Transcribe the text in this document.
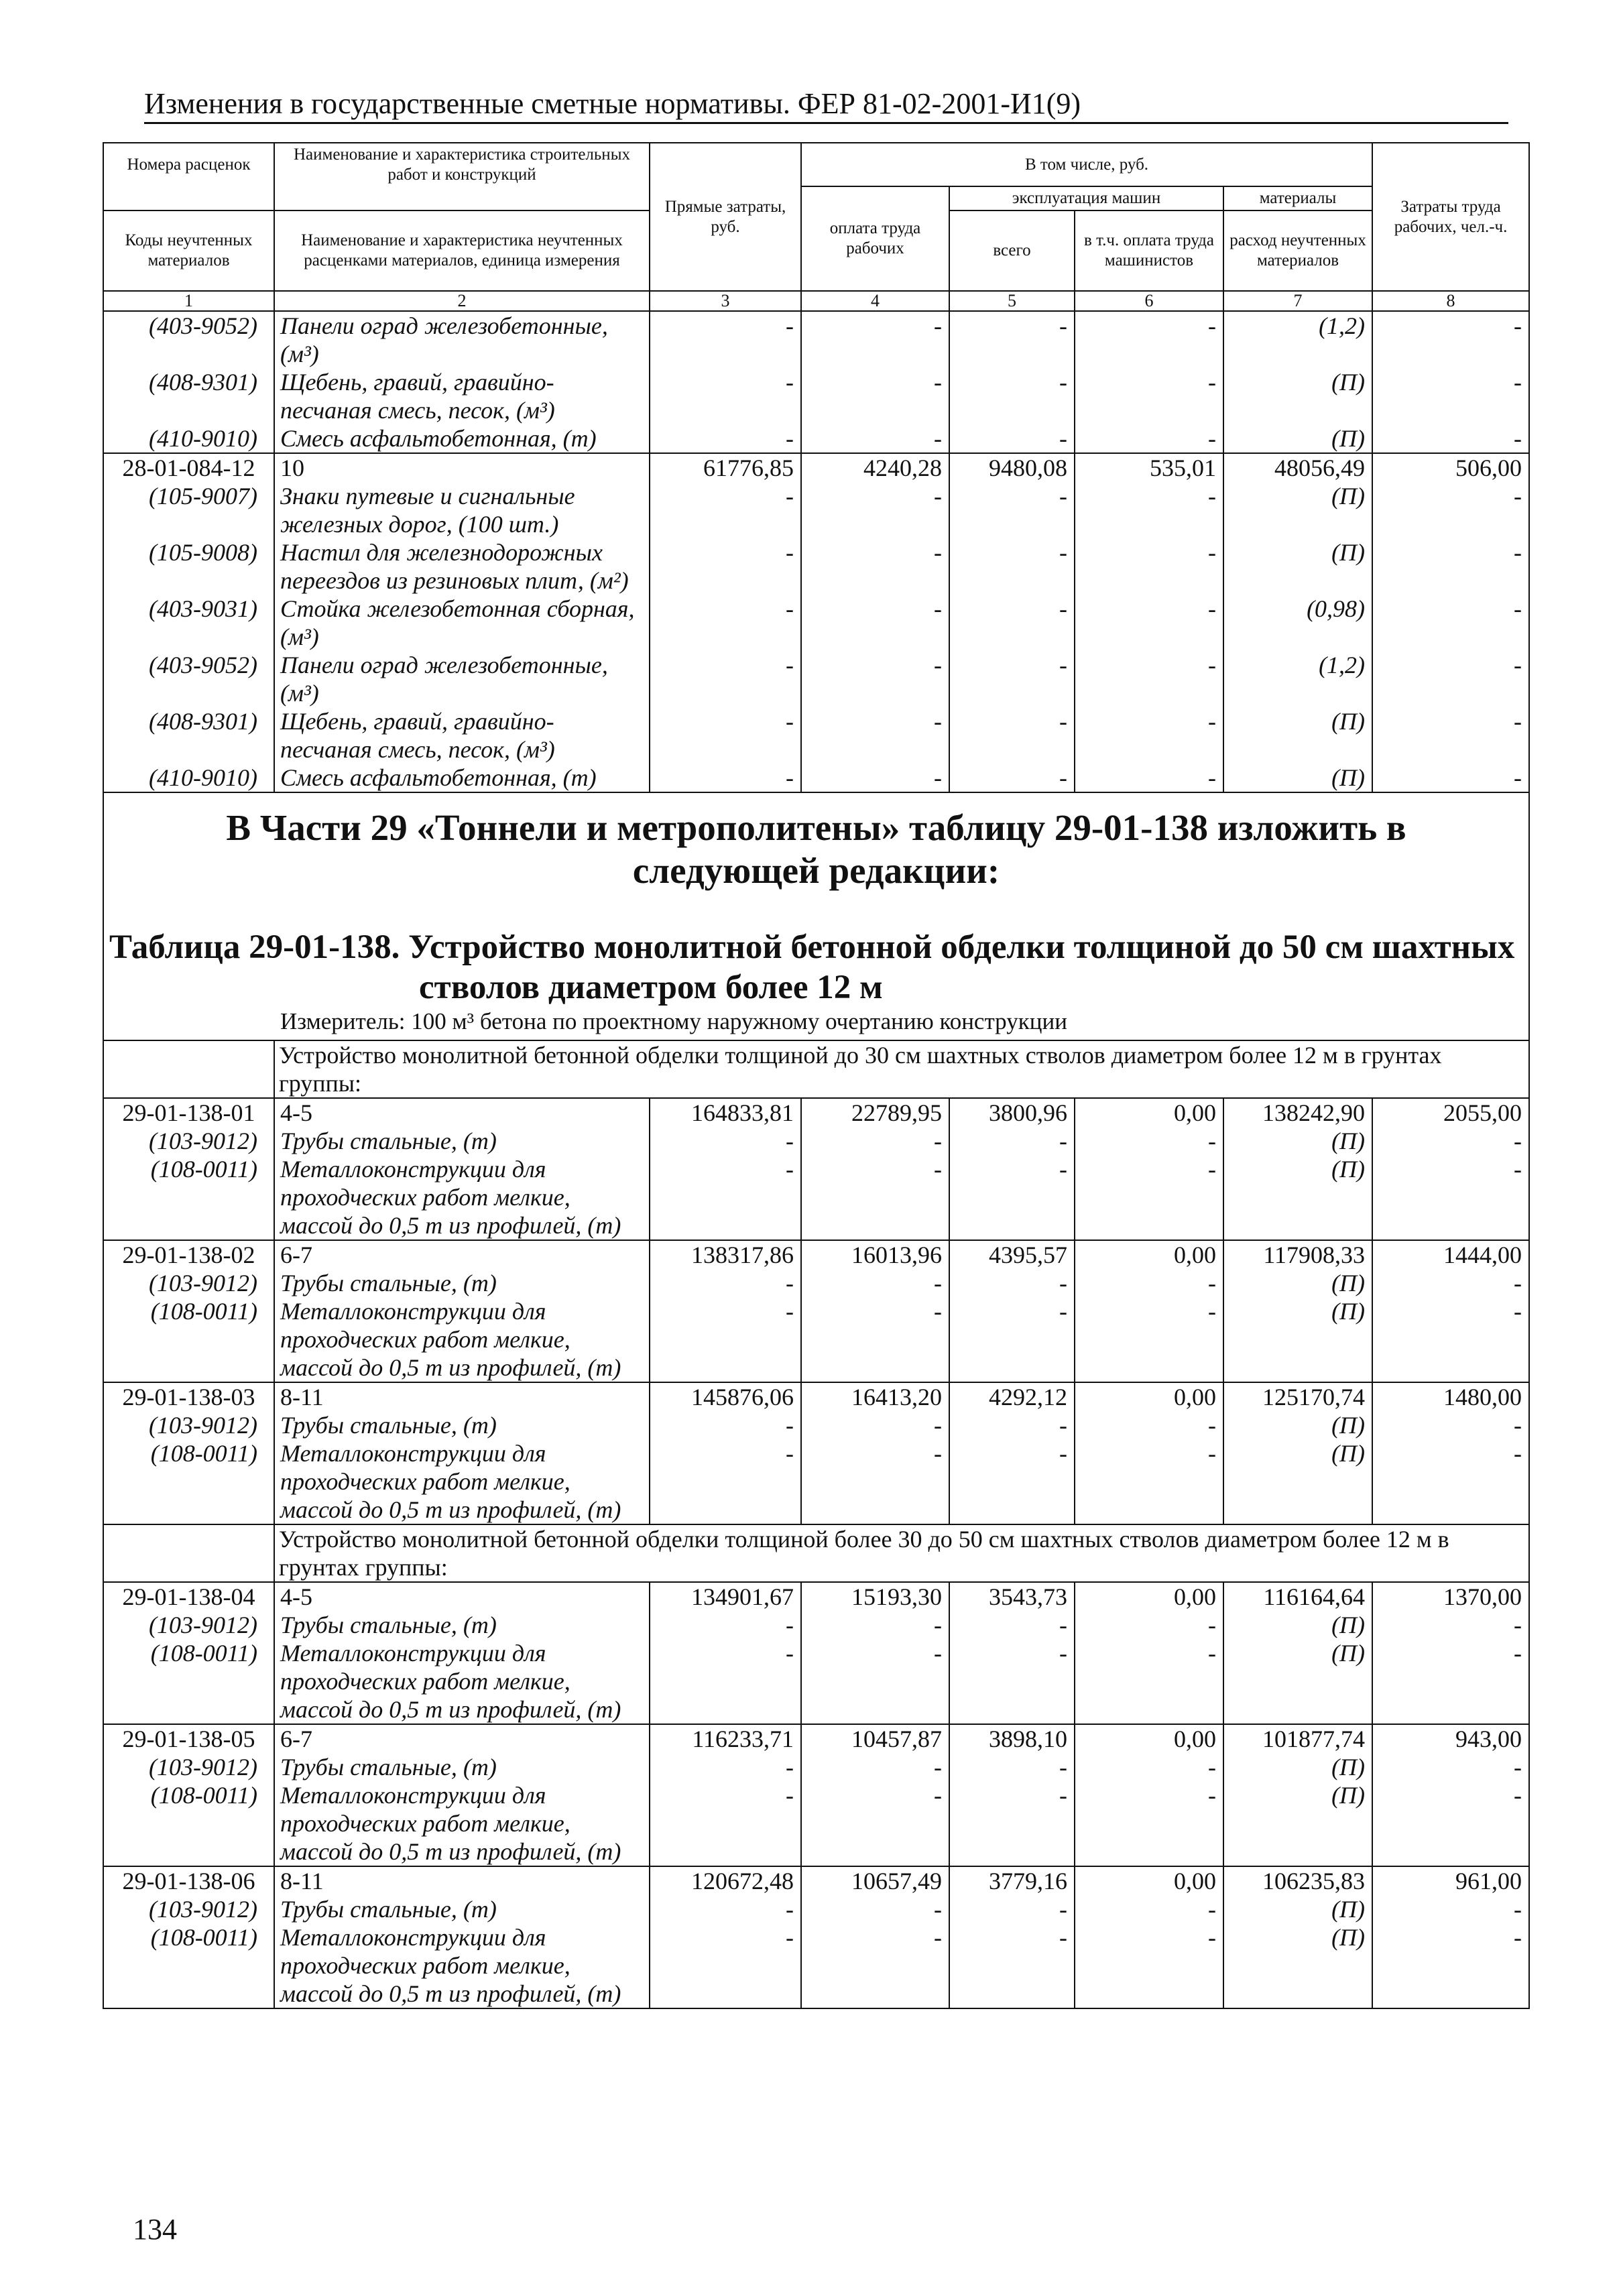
Изменения в государственные сметные нормативы. ФЕР 81-02-2001-И1(9)
Номера расценок	Наименование и характеристика строительных работ и конструкций	Прямые затраты, руб.	В том числе, руб.				Затраты труда рабочих, чел.-ч.
			оплата труда рабочих	эксплуатация машин		материалы	
Коды неучтенных материалов	Наименование и характеристика неучтенных расценками материалов, единица измерения			всего	в т.ч. оплата труда машинистов	расход неучтенных материалов	
1	2	3	4	5	6	7	8
(403-9052)	Панели оград железобетонные, (м³)	-	-	-	-	(1,2)	-
(408-9301)	Щебень, гравий, гравийно-песчаная смесь, песок, (м³)	-	-	-	-	(П)	-
(410-9010)	Смесь асфальтобетонная, (т)	-	-	-	-	(П)	-
28-01-084-12	10	61776,85	4240,28	9480,08	535,01	48056,49	506,00
(105-9007)	Знаки путевые и сигнальные железных дорог, (100 шт.)	-	-	-	-	(П)	-
(105-9008)	Настил для железнодорожных переездов из резиновых плит, (м²)	-	-	-	-	(П)	-
(403-9031)	Стойка железобетонная сборная, (м³)	-	-	-	-	(0,98)	-
(403-9052)	Панели оград железобетонные, (м³)	-	-	-	-	(1,2)	-
(408-9301)	Щебень, гравий, гравийно-песчаная смесь, песок, (м³)	-	-	-	-	(П)	-
(410-9010)	Смесь асфальтобетонная, (т)	-	-	-	-	(П)	-

В Части 29 «Тоннели и метрополитены» таблицу 29-01-138 изложить в следующей редакции:
Таблица 29-01-138. Устройство монолитной бетонной обделки толщиной до 50 см шахтных
стволов диаметром более 12 м
Измеритель: 100 м³ бетона по проектному наружному очертанию конструкции							

	Устройство монолитной бетонной обделки толщиной до 30 см шахтных стволов диаметром более 12 м в грунтах группы:						
29-01-138-01	4-5	164833,81	22789,95	3800,96	0,00	138242,90	2055,00
(103-9012)	Трубы стальные, (т)	-	-	-	-	(П)	-
(108-0011)	Металлоконструкции для проходческих работ мелкие, массой до 0,5 т из профилей, (т)	-	-	-	-	(П)	-
29-01-138-02	6-7	138317,86	16013,96	4395,57	0,00	117908,33	1444,00
(103-9012)	Трубы стальные, (т)	-	-	-	-	(П)	-
(108-0011)	Металлоконструкции для проходческих работ мелкие, массой до 0,5 т из профилей, (т)	-	-	-	-	(П)	-
29-01-138-03	8-11	145876,06	16413,20	4292,12	0,00	125170,74	1480,00
(103-9012)	Трубы стальные, (т)	-	-	-	-	(П)	-
(108-0011)	Металлоконструкции для проходческих работ мелкие, массой до 0,5 т из профилей, (т)	-	-	-	-	(П)	-
	Устройство монолитной бетонной обделки толщиной более 30 до 50 см шахтных стволов диаметром более 12 м в грунтах группы:						
29-01-138-04	4-5	134901,67	15193,30	3543,73	0,00	116164,64	1370,00
(103-9012)	Трубы стальные, (т)	-	-	-	-	(П)	-
(108-0011)	Металлоконструкции для проходческих работ мелкие, массой до 0,5 т из профилей, (т)	-	-	-	-	(П)	-
29-01-138-05	6-7	116233,71	10457,87	3898,10	0,00	101877,74	943,00
(103-9012)	Трубы стальные, (т)	-	-	-	-	(П)	-
(108-0011)	Металлоконструкции для проходческих работ мелкие, массой до 0,5 т из профилей, (т)	-	-	-	-	(П)	-
29-01-138-06	8-11	120672,48	10657,49	3779,16	0,00	106235,83	961,00
(103-9012)	Трубы стальные, (т)	-	-	-	-	(П)	-
(108-0011)	Металлоконструкции для проходческих работ мелкие, массой до 0,5 т из профилей, (т)	-	-	-	-	(П)	-
134
